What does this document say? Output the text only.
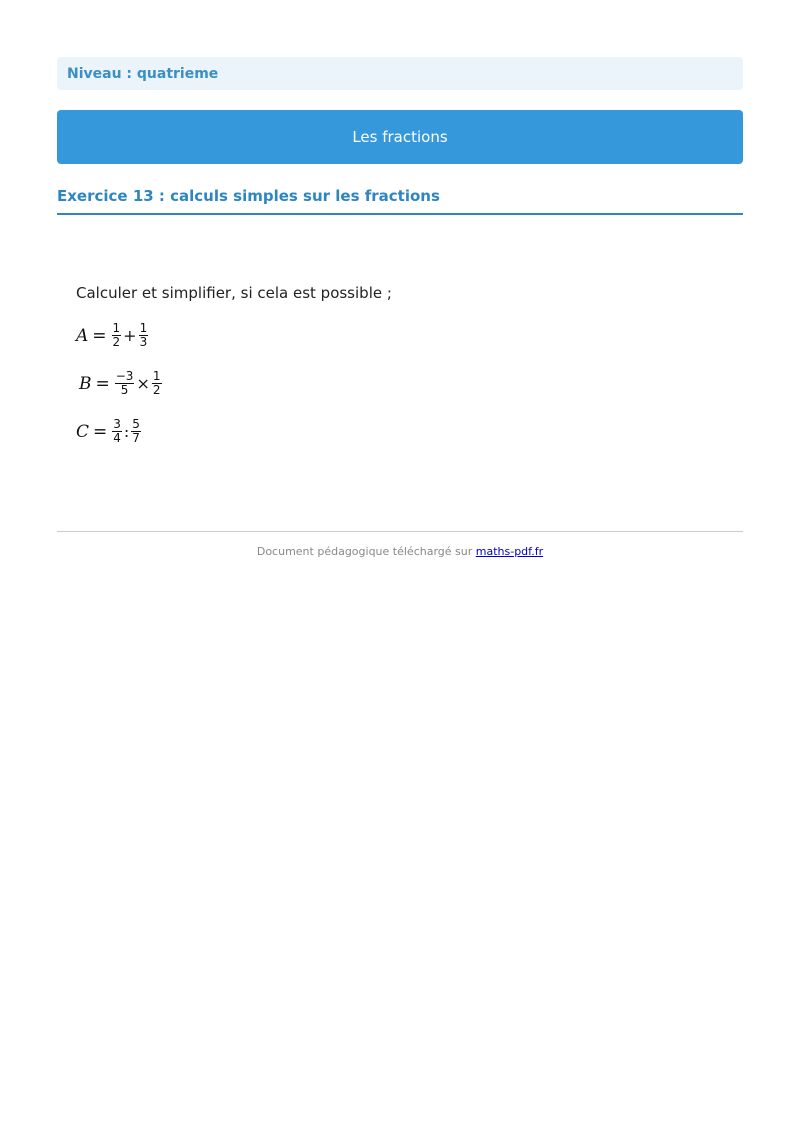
Niveau : quatrieme
Les fractions
Exercice 13 : calculs simples sur les fractions
Calculer et simplifier, si cela est possible ;
$A = \frac{1}{2} + \frac{1}{3}$
$B = \frac{-3}{5} \times \frac{1}{2}$
$C = \frac{3}{4}$ : $\frac{5}{7}$
Document pédagogique téléchargé sur maths-pdf.fr
